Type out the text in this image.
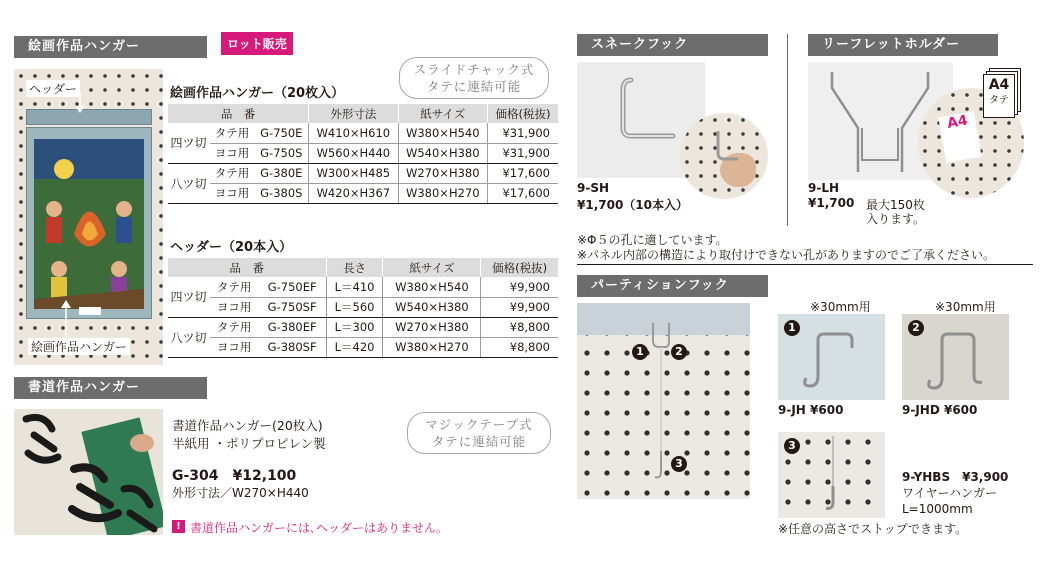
絵画作品ハンガー	ロット販売
スライドチャック式
タテに連結可能
ヘッダー
絵画作品ハンガー
絵画作品ハンガー（20枚入）
品　番			外形寸法	紙サイズ	価格(税抜)
四ツ切	タテ用	G-750E	W410×H610	W380×H540	¥31,900
	ヨコ用	G-750S	W560×H440	W540×H380	¥31,900
八ツ切	タテ用	G-380E	W300×H485	W270×H380	¥17,600
	ヨコ用	G-380S	W420×H367	W380×H270	¥17,600
ヘッダー（20本入）
品　番			長さ	紙サイズ	価格(税抜)
四ツ切	タテ用	G-750EF	L＝410	W380×H540	¥9,900
	ヨコ用	G-750SF	L＝560	W540×H380	¥9,900
八ツ切	タテ用	G-380EF	L＝300	W270×H380	¥8,800
	ヨコ用	G-380SF	L＝420	W380×H270	¥8,800
書道作品ハンガー
書道作品ハンガー(20枚入)
半紙用 ・ポリプロピレン製
G-304　¥12,100
外形寸法／W270×H440
マジックテープ式
タテに連結可能
! 書道作品ハンガーには､ヘッダーはありません｡
スネークフック
9-SH
¥1,700（10本入）
リーフレットホルダー
A4
A4
タテ
9-LH
¥1,700 最大150枚
入ります。
※Φ５の孔に適しています。
※パネル内部の構造により取付けできない孔がありますのでご了承ください。
パーティションフック
1	2
3
※30mm用
1
9-JH ¥600
※30mm用
2
9-JHD ¥600
3
9-YHBS　¥3,900
ワイヤーハンガー
L=1000mm
※任意の高さでストップできます。
